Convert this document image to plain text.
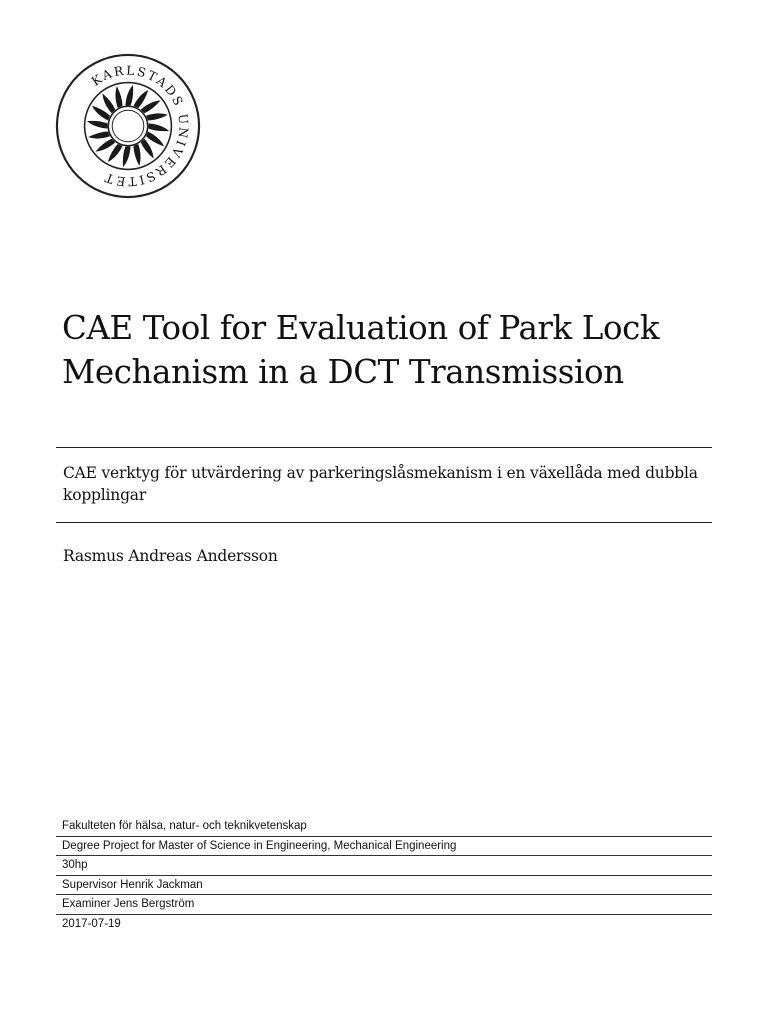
KARLSTADS UNIVERSITET
CAE Tool for Evaluation of Park Lock Mechanism in a DCT Transmission

CAE verktyg för utvärdering av parkeringslåsmekanism i en växellåda med dubbla kopplingar

Rasmus Andreas Andersson

Fakulteten för hälsa, natur- och teknikvetenskap
Degree Project for Master of Science in Engineering, Mechanical Engineering
30hp
Supervisor Henrik Jackman
Examiner Jens Bergström
2017-07-19
